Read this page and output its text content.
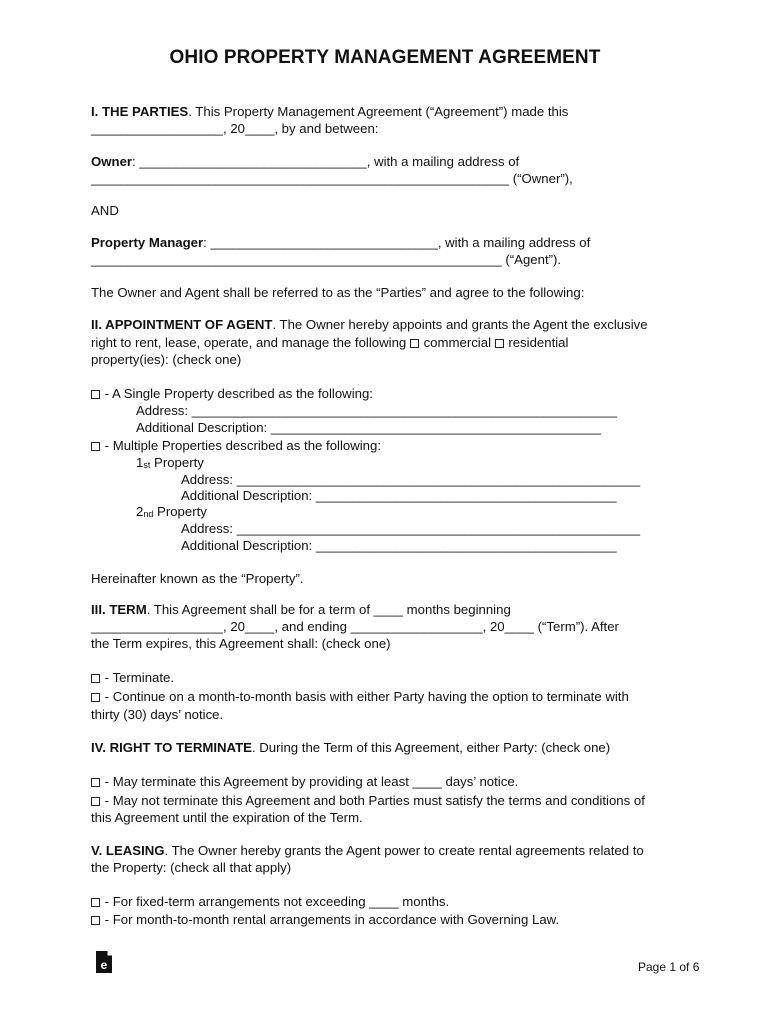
OHIO PROPERTY MANAGEMENT AGREEMENT
I. THE PARTIES. This Property Management Agreement (“Agreement”) made this
__________________, 20____, by and between:
Owner: _______________________________, with a mailing address of
_________________________________________________________ (“Owner”),
AND
Property Manager: _______________________________, with a mailing address of
________________________________________________________ (“Agent”).
The Owner and Agent shall be referred to as the “Parties” and agree to the following:
II. APPOINTMENT OF AGENT. The Owner hereby appoints and grants the Agent the exclusive
right to rent, lease, operate, and manage the following  commercial  residential
property(ies): (check one)
- A Single Property described as the following:
Address: __________________________________________________________
Additional Description: _____________________________________________
- Multiple Properties described as the following:
1st Property
Address: _______________________________________________________
Additional Description: _________________________________________
2nd Property
Address: _______________________________________________________
Additional Description: _________________________________________
Hereinafter known as the “Property”.
III. TERM. This Agreement shall be for a term of ____ months beginning
__________________, 20____, and ending __________________, 20____ (“Term”). After
the Term expires, this Agreement shall: (check one)
- Terminate.
- Continue on a month-to-month basis with either Party having the option to terminate with
thirty (30) days’ notice.
IV. RIGHT TO TERMINATE. During the Term of this Agreement, either Party: (check one)
- May terminate this Agreement by providing at least ____ days’ notice.
- May not terminate this Agreement and both Parties must satisfy the terms and conditions of
this Agreement until the expiration of the Term.
V. LEASING. The Owner hereby grants the Agent power to create rental agreements related to
the Property: (check all that apply)
- For fixed-term arrangements not exceeding ____ months.
- For month-to-month rental arrangements in accordance with Governing Law.
e	Page 1 of 6
